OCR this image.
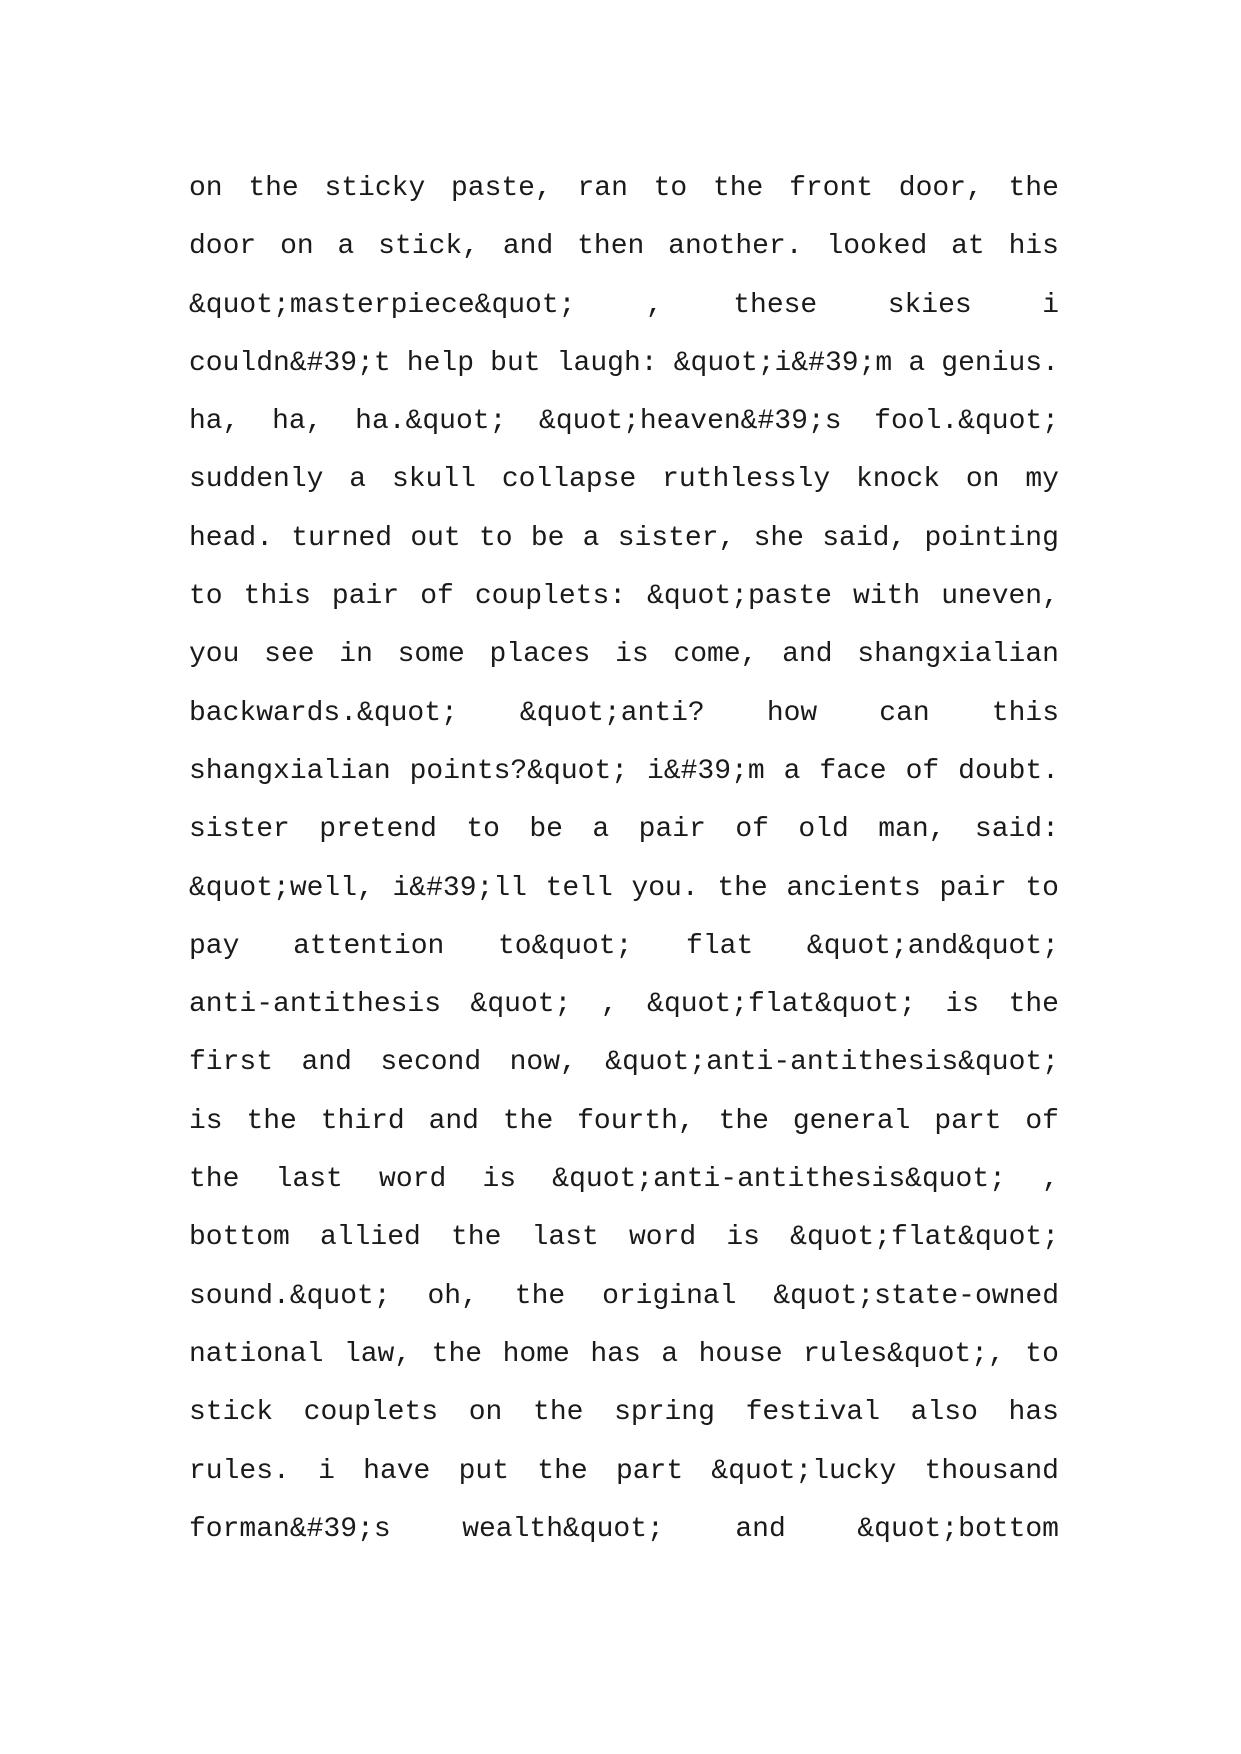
on the sticky paste, ran to the front door, the
door on a stick, and then another. looked at his
&quot;masterpiece&quot;	,	these	skies	i
couldn&#39;t help but laugh: &quot;i&#39;m a genius.
ha, ha, ha.&quot; &quot;heaven&#39;s fool.&quot;
suddenly a skull collapse ruthlessly knock on my
head. turned out to be a sister, she said, pointing
to this pair of couplets: &quot;paste with uneven,
you see in some places is come, and shangxialian
backwards.&quot; &quot;anti? how can this
shangxialian points?&quot; i&#39;m a face of doubt.
sister pretend to be a pair of old man, said:
&quot;well, i&#39;ll tell you. the ancients pair to
pay attention to&quot; flat &quot;and&quot;
anti-antithesis &quot; , &quot;flat&quot; is the
first and second now, &quot;anti-antithesis&quot;
is the third and the fourth, the general part of
the last word is &quot;anti-antithesis&quot; ,
bottom allied the last word is &quot;flat&quot;
sound.&quot; oh, the original &quot;state-owned
national law, the home has a house rules&quot;, to
stick couplets on the spring festival also has
rules. i have put the part &quot;lucky thousand
forman&#39;s	wealth&quot;	and	&quot;bottom
